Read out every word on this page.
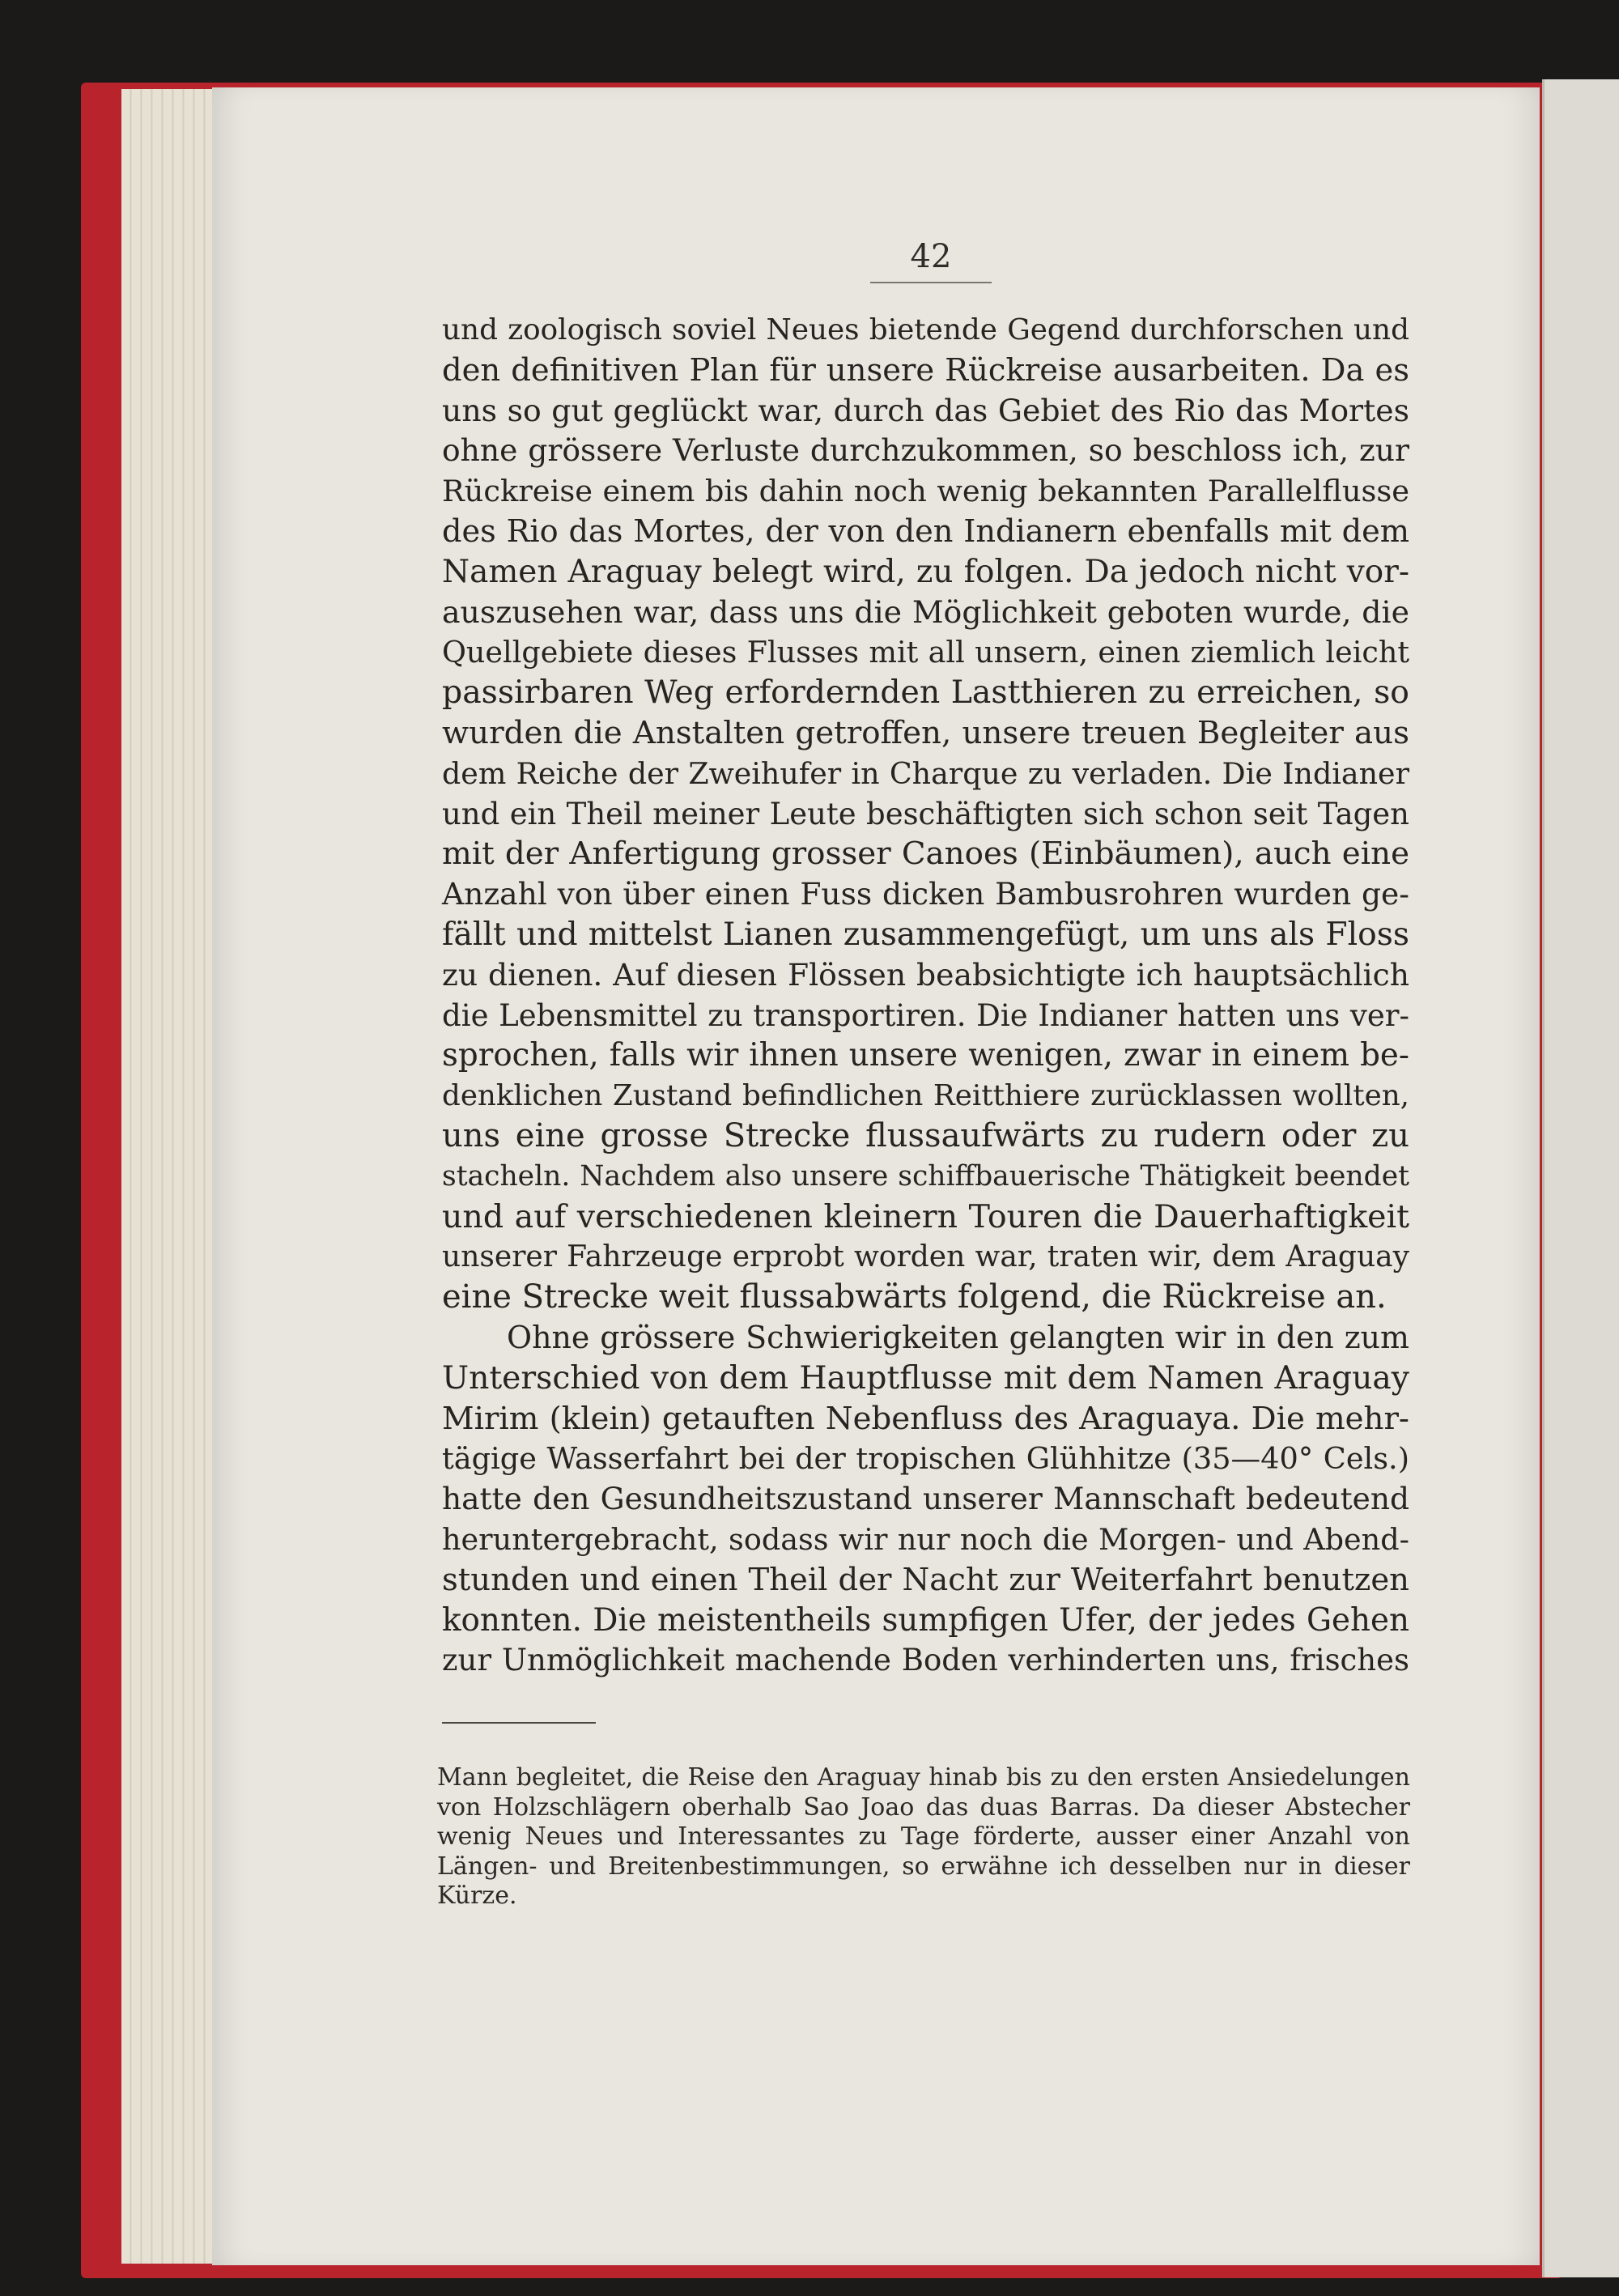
42
und zoologisch soviel Neues bietende Gegend durchforschen und
den definitiven Plan für unsere Rückreise ausarbeiten. Da es
uns so gut geglückt war, durch das Gebiet des Rio das Mortes
ohne grössere Verluste durchzukommen, so beschloss ich, zur
Rückreise einem bis dahin noch wenig bekannten Parallelflusse
des Rio das Mortes, der von den Indianern ebenfalls mit dem
Namen Araguay belegt wird, zu folgen. Da jedoch nicht vor-
auszusehen war, dass uns die Möglichkeit geboten wurde, die
Quellgebiete dieses Flusses mit all unsern, einen ziemlich leicht
passirbaren Weg erfordernden Lastthieren zu erreichen, so
wurden die Anstalten getroffen, unsere treuen Begleiter aus
dem Reiche der Zweihufer in Charque zu verladen. Die Indianer
und ein Theil meiner Leute beschäftigten sich schon seit Tagen
mit der Anfertigung grosser Canoes (Einbäumen), auch eine
Anzahl von über einen Fuss dicken Bambusrohren wurden ge-
fällt und mittelst Lianen zusammengefügt, um uns als Floss
zu dienen. Auf diesen Flössen beabsichtigte ich hauptsächlich
die Lebensmittel zu transportiren. Die Indianer hatten uns ver-
sprochen, falls wir ihnen unsere wenigen, zwar in einem be-
denklichen Zustand befindlichen Reitthiere zurücklassen wollten,
uns eine grosse Strecke flussaufwärts zu rudern oder zu
stacheln. Nachdem also unsere schiffbauerische Thätigkeit beendet
und auf verschiedenen kleinern Touren die Dauerhaftigkeit
unserer Fahrzeuge erprobt worden war, traten wir, dem Araguay
eine Strecke weit flussabwärts folgend, die Rückreise an.
Ohne grössere Schwierigkeiten gelangten wir in den zum
Unterschied von dem Hauptflusse mit dem Namen Araguay
Mirim (klein) getauften Nebenfluss des Araguaya. Die mehr-
tägige Wasserfahrt bei der tropischen Glühhitze (35—40° Cels.)
hatte den Gesundheitszustand unserer Mannschaft bedeutend
heruntergebracht, sodass wir nur noch die Morgen- und Abend-
stunden und einen Theil der Nacht zur Weiterfahrt benutzen
konnten. Die meistentheils sumpfigen Ufer, der jedes Gehen
zur Unmöglichkeit machende Boden verhinderten uns, frisches
Mann begleitet, die Reise den Araguay hinab bis zu den ersten Ansiedelungen
von Holzschlägern oberhalb Sao Joao das duas Barras. Da dieser Abstecher
wenig Neues und Interessantes zu Tage förderte, ausser einer Anzahl von
Längen- und Breitenbestimmungen, so erwähne ich desselben nur in dieser
Kürze.
